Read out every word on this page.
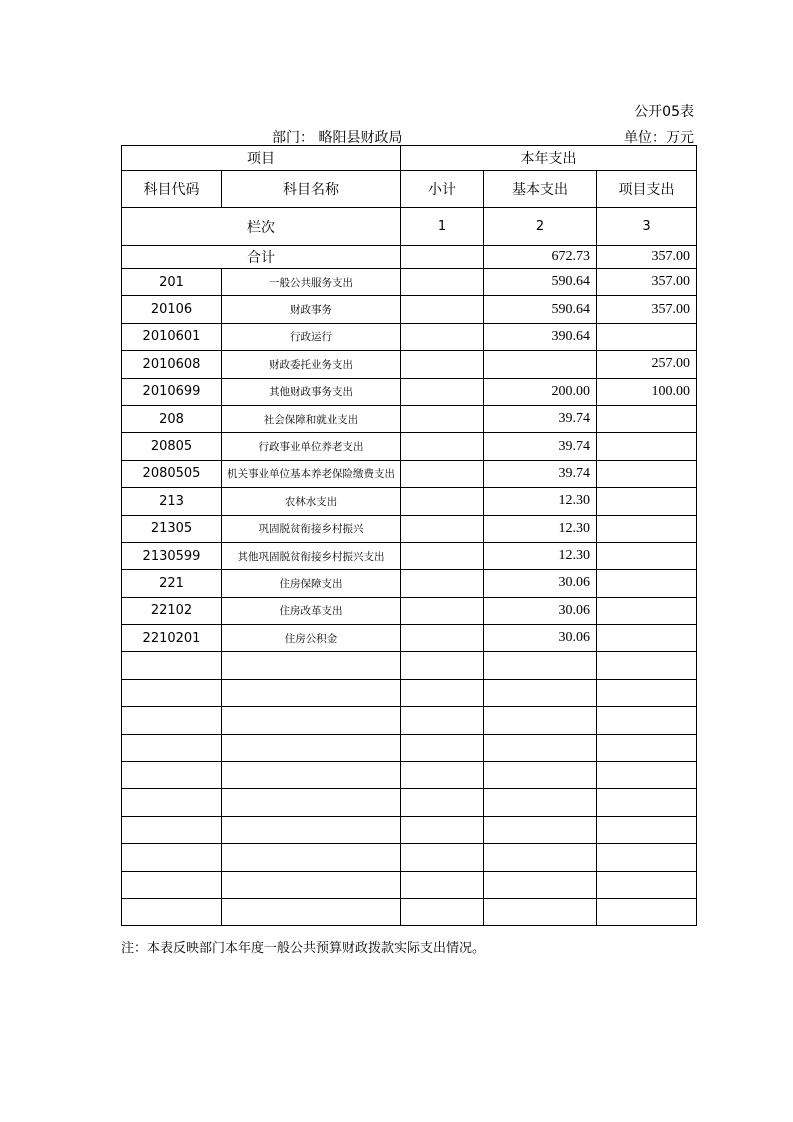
公开05表
部门： 略阳县财政局	单位：万元
项目		本年支出		
科目代码	科目名称	小计	基本支出	项目支出
栏次		1	2	3
合计			672.73	357.00
201	一般公共服务支出		590.64	357.00
20106	财政事务		590.64	357.00
2010601	行政运行		390.64	
2010608	财政委托业务支出			257.00
2010699	其他财政事务支出		200.00	100.00
208	社会保障和就业支出		39.74	
20805	行政事业单位养老支出		39.74	
2080505	机关事业单位基本养老保险缴费支出		39.74	
213	农林水支出		12.30	
21305	巩固脱贫衔接乡村振兴		12.30	
2130599	其他巩固脱贫衔接乡村振兴支出		12.30	
221	住房保障支出		30.06	
22102	住房改革支出		30.06	
2210201	住房公积金		30.06	

注：本表反映部门本年度一般公共预算财政拨款实际支出情况。
